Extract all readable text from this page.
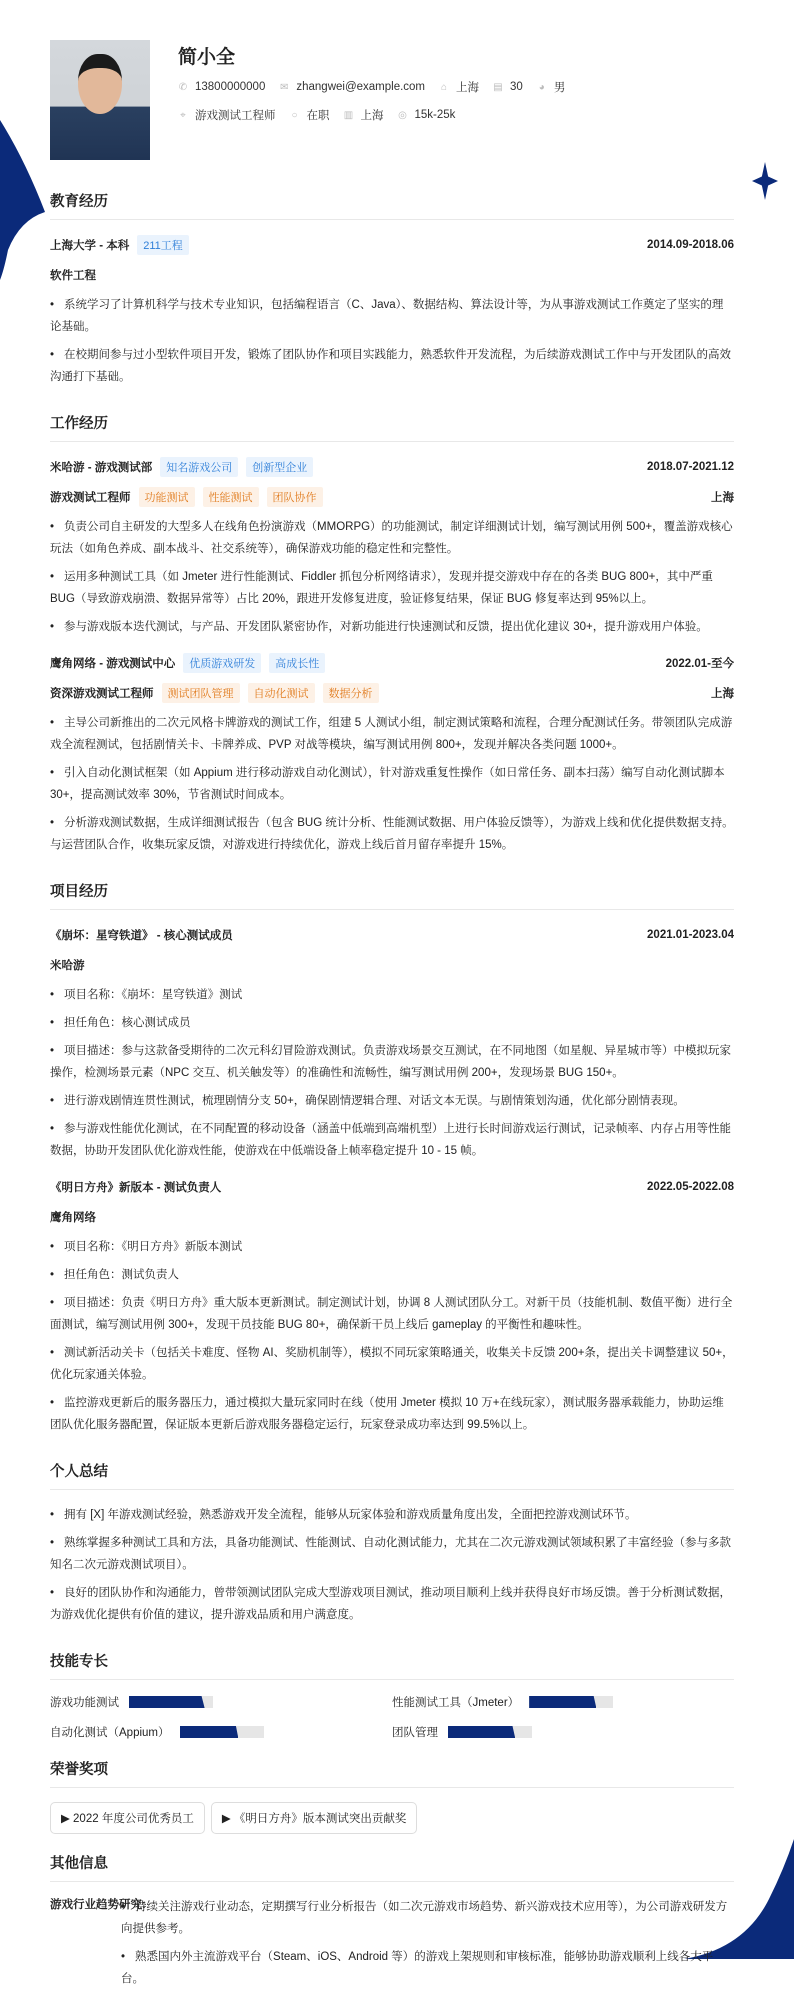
简小全
✆ 13800000000 ✉ zhangwei@example.com ⌂ 上海 ▤ 30 ◕ 男
⌖ 游戏测试工程师 ○ 在职 ▥ 上海 ◎ 15k-25k
教育经历
上海大学 - 本科	211工程	2014.09-2018.06
软件工程
• 系统学习了计算机科学与技术专业知识，包括编程语言（C、Java）、数据结构、算法设计等，为从事游戏测试工作奠定了坚实的理论基础。
• 在校期间参与过小型软件项目开发，锻炼了团队协作和项目实践能力，熟悉软件开发流程，为后续游戏测试工作中与开发团队的高效沟通打下基础。
工作经历
米哈游 - 游戏测试部	知名游戏公司	创新型企业	2018.07-2021.12
游戏测试工程师	功能测试	性能测试	团队协作	上海
• 负责公司自主研发的大型多人在线角色扮演游戏（MMORPG）的功能测试，制定详细测试计划，编写测试用例 500+，覆盖游戏核心玩法（如角色养成、副本战斗、社交系统等），确保游戏功能的稳定性和完整性。
• 运用多种测试工具（如 Jmeter 进行性能测试、Fiddler 抓包分析网络请求），发现并提交游戏中存在的各类 BUG 800+，其中严重 BUG（导致游戏崩溃、数据异常等）占比 20%，跟进开发修复进度，验证修复结果，保证 BUG 修复率达到 95%以上。
• 参与游戏版本迭代测试，与产品、开发团队紧密协作，对新功能进行快速测试和反馈，提出优化建议 30+，提升游戏用户体验。
鹰角网络 - 游戏测试中心	优质游戏研发	高成长性	2022.01-至今
资深游戏测试工程师	测试团队管理	自动化测试	数据分析	上海
• 主导公司新推出的二次元风格卡牌游戏的测试工作，组建 5 人测试小组，制定测试策略和流程，合理分配测试任务。带领团队完成游戏全流程测试，包括剧情关卡、卡牌养成、PVP 对战等模块，编写测试用例 800+，发现并解决各类问题 1000+。
• 引入自动化测试框架（如 Appium 进行移动游戏自动化测试），针对游戏重复性操作（如日常任务、副本扫荡）编写自动化测试脚本 30+，提高测试效率 30%，节省测试时间成本。
• 分析游戏测试数据，生成详细测试报告（包含 BUG 统计分析、性能测试数据、用户体验反馈等），为游戏上线和优化提供数据支持。与运营团队合作，收集玩家反馈，对游戏进行持续优化，游戏上线后首月留存率提升 15%。
项目经历
《崩坏：星穹铁道》 - 核心测试成员	2021.01-2023.04
米哈游
• 项目名称：《崩坏：星穹铁道》测试
• 担任角色：核心测试成员
• 项目描述：参与这款备受期待的二次元科幻冒险游戏测试。负责游戏场景交互测试，在不同地图（如星舰、异星城市等）中模拟玩家操作，检测场景元素（NPC 交互、机关触发等）的准确性和流畅性，编写测试用例 200+，发现场景 BUG 150+。
• 进行游戏剧情连贯性测试，梳理剧情分支 50+，确保剧情逻辑合理、对话文本无误。与剧情策划沟通，优化部分剧情表现。
• 参与游戏性能优化测试，在不同配置的移动设备（涵盖中低端到高端机型）上进行长时间游戏运行测试，记录帧率、内存占用等性能数据，协助开发团队优化游戏性能，使游戏在中低端设备上帧率稳定提升 10 - 15 帧。
《明日方舟》新版本 - 测试负责人	2022.05-2022.08
鹰角网络
• 项目名称：《明日方舟》新版本测试
• 担任角色：测试负责人
• 项目描述：负责《明日方舟》重大版本更新测试。制定测试计划，协调 8 人测试团队分工。对新干员（技能机制、数值平衡）进行全面测试，编写测试用例 300+，发现干员技能 BUG 80+，确保新干员上线后 gameplay 的平衡性和趣味性。
• 测试新活动关卡（包括关卡难度、怪物 AI、奖励机制等），模拟不同玩家策略通关，收集关卡反馈 200+条，提出关卡调整建议 50+，优化玩家通关体验。
• 监控游戏更新后的服务器压力，通过模拟大量玩家同时在线（使用 Jmeter 模拟 10 万+在线玩家），测试服务器承载能力，协助运维团队优化服务器配置，保证版本更新后游戏服务器稳定运行，玩家登录成功率达到 99.5%以上。
个人总结
• 拥有 [X] 年游戏测试经验，熟悉游戏开发全流程，能够从玩家体验和游戏质量角度出发，全面把控游戏测试环节。
• 熟练掌握多种测试工具和方法，具备功能测试、性能测试、自动化测试能力，尤其在二次元游戏测试领域积累了丰富经验（参与多款知名二次元游戏测试项目）。
• 良好的团队协作和沟通能力，曾带领测试团队完成大型游戏项目测试，推动项目顺利上线并获得良好市场反馈。善于分析测试数据，为游戏优化提供有价值的建议，提升游戏品质和用户满意度。
技能专长
游戏功能测试	性能测试工具（Jmeter）
自动化测试（Appium）	团队管理
荣誉奖项
▶ 2022 年度公司优秀员工	▶ 《明日方舟》版本测试突出贡献奖
其他信息
游戏行业趋势研究:
• 持续关注游戏行业动态，定期撰写行业分析报告（如二次元游戏市场趋势、新兴游戏技术应用等），为公司游戏研发方向提供参考。
• 熟悉国内外主流游戏平台（Steam、iOS、Android 等）的游戏上架规则和审核标准，能够协助游戏顺利上线各大平台。
